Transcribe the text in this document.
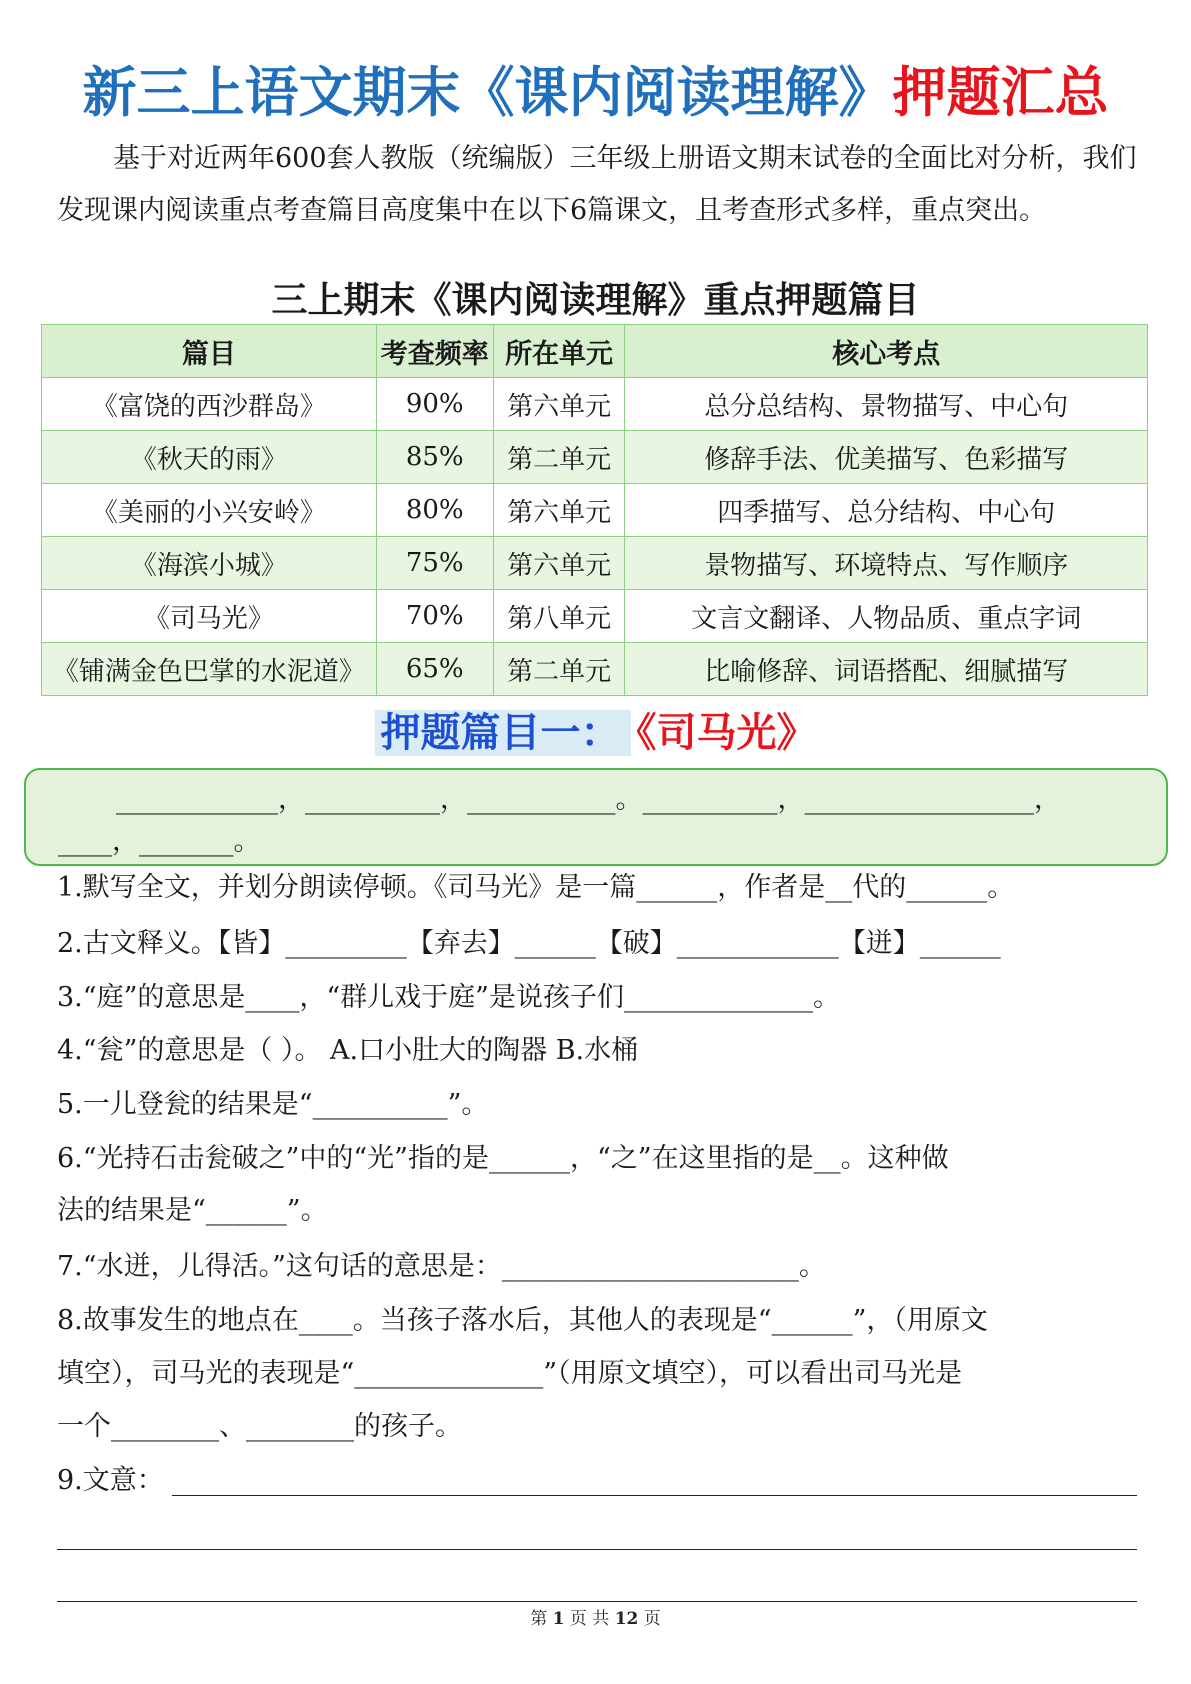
新三上语文期末《课内阅读理解》押题汇总
基于对近两年600套人教版（统编版）三年级上册语文期末试卷的全面比对分析，我们发现课内阅读重点考查篇目高度集中在以下6篇课文，且考查形式多样，重点突出。
三上期末《课内阅读理解》重点押题篇目
篇目	考查频率	所在单元	核心考点
《富饶的西沙群岛》	90%	第六单元	总分总结构、景物描写、中心句
《秋天的雨》	85%	第二单元	修辞手法、优美描写、色彩描写
《美丽的小兴安岭》	80%	第六单元	四季描写、总分结构、中心句
《海滨小城》	75%	第六单元	景物描写、环境特点、写作顺序
《司马光》	70%	第八单元	文言文翻译、人物品质、重点字词
《铺满金色巴掌的水泥道》	65%	第二单元	比喻修辞、词语搭配、细腻描写
押题篇目一： 《司马光》
____________，__________，___________。__________，_________________，
____，_______。
1.默写全文，并划分朗读停顿。《司马光》是一篇______，作者是__代的______。
2.古文释义。【皆】_________【弃去】______【破】____________【迸】______
3.“庭”的意思是____，“群儿戏于庭”是说孩子们______________。
4.“瓮”的意思是（ ）。 A.口小肚大的陶器 B.水桶
5.一儿登瓮的结果是“__________”。
6.“光持石击瓮破之”中的“光”指的是______，“之”在这里指的是__。这种做
法的结果是“______”。
7.“水迸，儿得活。”这句话的意思是：______________________。
8.故事发生的地点在____。当孩子落水后，其他人的表现是“______”，（用原文
填空），司马光的表现是“______________”（用原文填空），可以看出司马光是
一个________、________的孩子。
9.文意：
第 1 页 共 12 页
